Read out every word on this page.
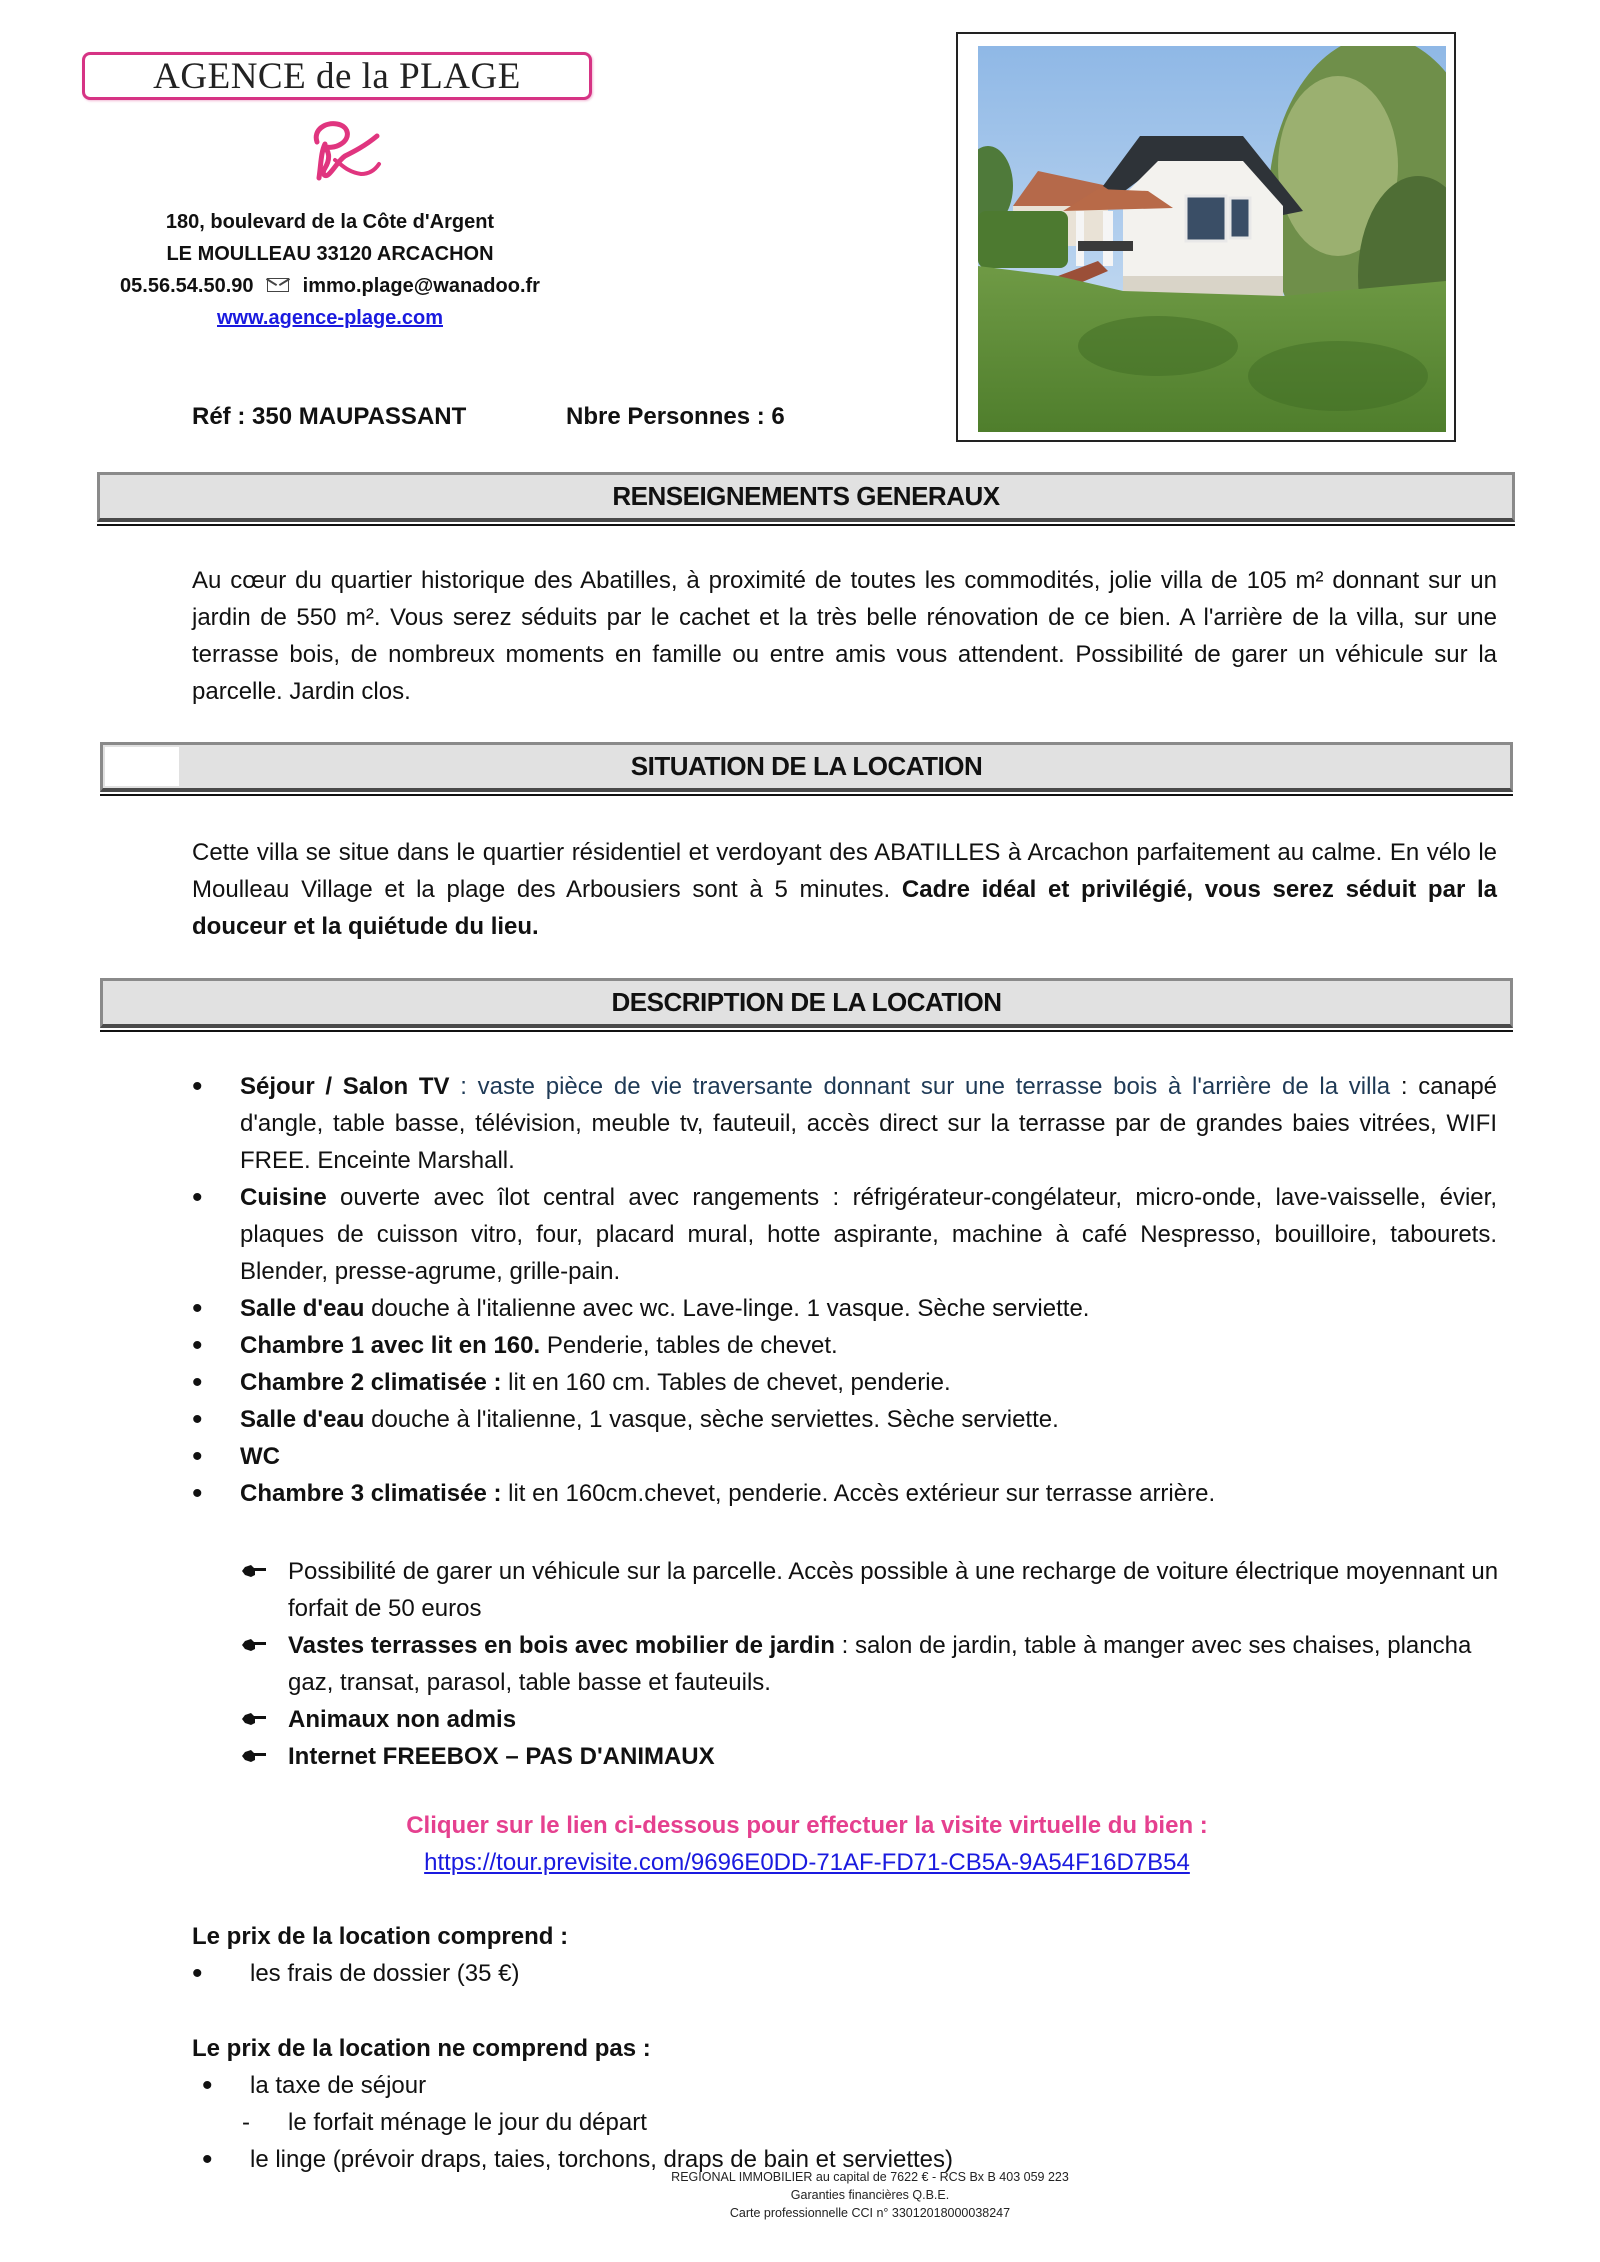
AGENCE de la PLAGE
180, boulevard de la Côte d'Argent
LE MOULLEAU 33120 ARCACHON
05.56.54.50.90 immo.plage@wanadoo.fr
www.agence-plage.com
Réf : 350 MAUPASSANT	Nbre Personnes : 6
RENSEIGNEMENTS GENERAUX
Au cœur du quartier historique des Abatilles, à proximité de toutes les commodités, jolie villa de 105 m² donnant sur un jardin de 550 m². Vous serez séduits par le cachet et la très belle rénovation de ce bien. A l'arrière de la villa, sur une terrasse bois, de nombreux moments en famille ou entre amis vous attendent. Possibilité de garer un véhicule sur la parcelle. Jardin clos.
SITUATION DE LA LOCATION
Cette villa se situe dans le quartier résidentiel et verdoyant des ABATILLES à Arcachon parfaitement au calme. En vélo le Moulleau Village et la plage des Arbousiers sont à 5 minutes. Cadre idéal et privilégié, vous serez séduit par la douceur et la quiétude du lieu.
DESCRIPTION DE LA LOCATION
• Séjour / Salon TV : vaste pièce de vie traversante donnant sur une terrasse bois à l'arrière de la villa : canapé d'angle, table basse, télévision, meuble tv, fauteuil, accès direct sur la terrasse par de grandes baies vitrées, WIFI FREE. Enceinte Marshall.
• Cuisine ouverte avec îlot central avec rangements : réfrigérateur-congélateur, micro-onde, lave-vaisselle, évier, plaques de cuisson vitro, four, placard mural, hotte aspirante, machine à café Nespresso, bouilloire, tabourets. Blender, presse-agrume, grille-pain.
• Salle d'eau douche à l'italienne avec wc. Lave-linge. 1 vasque. Sèche serviette.
• Chambre 1 avec lit en 160. Penderie, tables de chevet.
• Chambre 2 climatisée : lit en 160 cm. Tables de chevet, penderie.
• Salle d'eau douche à l'italienne, 1 vasque, sèche serviettes. Sèche serviette.
• WC
• Chambre 3 climatisée : lit en 160cm.chevet, penderie. Accès extérieur sur terrasse arrière.
Possibilité de garer un véhicule sur la parcelle. Accès possible à une recharge de voiture électrique moyennant un forfait de 50 euros
Vastes terrasses en bois avec mobilier de jardin : salon de jardin, table à manger avec ses chaises, plancha gaz, transat, parasol, table basse et fauteuils.
Animaux non admis
Internet FREEBOX – PAS D'ANIMAUX
Cliquer sur le lien ci-dessous pour effectuer la visite virtuelle du bien :
https://tour.previsite.com/9696E0DD-71AF-FD71-CB5A-9A54F16D7B54
Le prix de la location comprend :
• les frais de dossier (35 €)
Le prix de la location ne comprend pas :
• la taxe de séjour
- le forfait ménage le jour du départ
• le linge (prévoir draps, taies, torchons, draps de bain et serviettes)
REGIONAL IMMOBILIER au capital de 7622 € - RCS Bx B 403 059 223
Garanties financières Q.B.E.
Carte professionnelle CCI n° 33012018000038247
